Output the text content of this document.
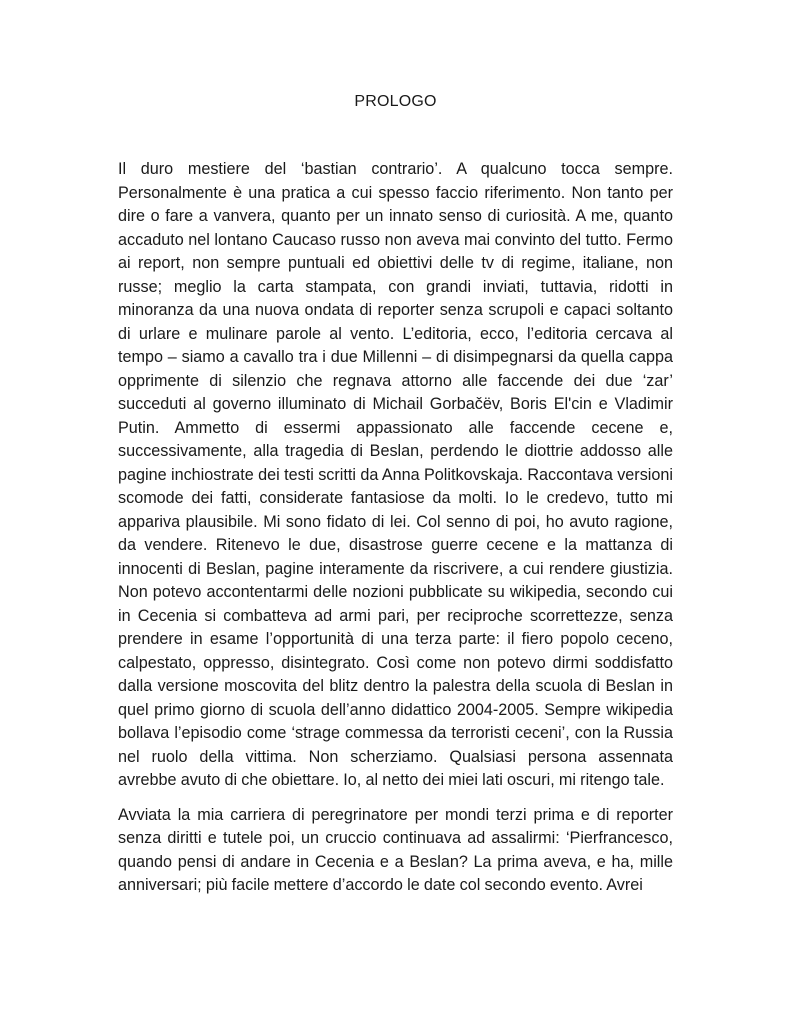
PROLOGO

Il duro mestiere del ‘bastian contrario’. A qualcuno tocca sempre. Personalmente è una pratica a cui spesso faccio riferimento. Non tanto per dire o fare a vanvera, quanto per un innato senso di curiosità. A me, quanto accaduto nel lontano Caucaso russo non aveva mai convinto del tutto. Fermo ai report, non sempre puntuali ed obiettivi delle tv di regime, italiane, non russe; meglio la carta stampata, con grandi inviati, tuttavia, ridotti in minoranza da una nuova ondata di reporter senza scrupoli e capaci soltanto di urlare e mulinare parole al vento. L’editoria, ecco, l’editoria cercava al tempo – siamo a cavallo tra i due Millenni – di disimpegnarsi da quella cappa opprimente di silenzio che regnava attorno alle faccende dei due ‘zar’ succeduti al governo illuminato di Michail Gorbačëv, Boris El'cin e Vladimir Putin. Ammetto di essermi appassionato alle faccende cecene e, successivamente, alla tragedia di Beslan, perdendo le diottrie addosso alle pagine inchiostrate dei testi scritti da Anna Politkovskaja. Raccontava versioni scomode dei fatti, considerate fantasiose da molti. Io le credevo, tutto mi appariva plausibile. Mi sono fidato di lei. Col senno di poi, ho avuto ragione, da vendere. Ritenevo le due, disastrose guerre cecene e la mattanza di innocenti di Beslan, pagine interamente da riscrivere, a cui rendere giustizia. Non potevo accontentarmi delle nozioni pubblicate su wikipedia, secondo cui in Cecenia si combatteva ad armi pari, per reciproche scorrettezze, senza prendere in esame l’opportunità di una terza parte: il fiero popolo ceceno, calpestato, oppresso, disintegrato. Così come non potevo dirmi soddisfatto dalla versione moscovita del blitz dentro la palestra della scuola di Beslan in quel primo giorno di scuola dell’anno didattico 2004-2005. Sempre wikipedia bollava l’episodio come ‘strage commessa da terroristi ceceni’, con la Russia nel ruolo della vittima. Non scherziamo. Qualsiasi persona assennata avrebbe avuto di che obiettare. Io, al netto dei miei lati oscuri, mi ritengo tale.

Avviata la mia carriera di peregrinatore per mondi terzi prima e di reporter senza diritti e tutele poi, un cruccio continuava ad assalirmi: ‘Pierfrancesco, quando pensi di andare in Cecenia e a Beslan? La prima aveva, e ha, mille anniversari; più facile mettere d’accordo le date col secondo evento. Avrei
